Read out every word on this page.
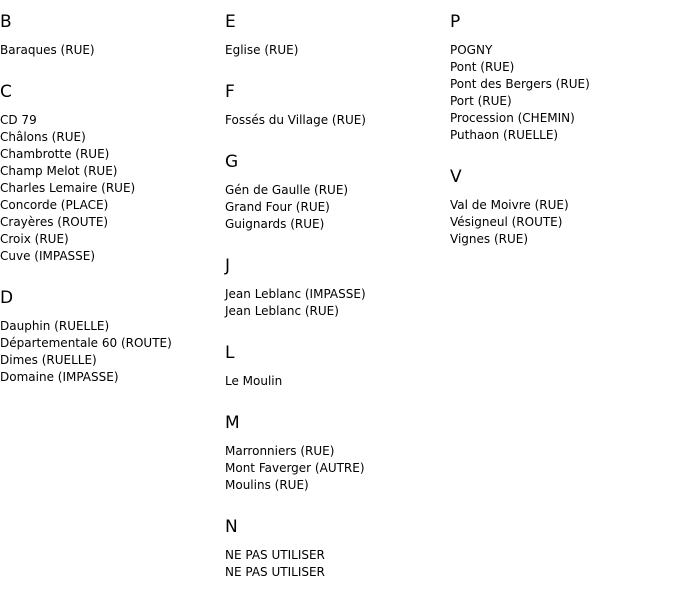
B
Baraques (RUE)
C
CD 79
Châlons (RUE)
Chambrotte (RUE)
Champ Melot (RUE)
Charles Lemaire (RUE)
Concorde (PLACE)
Crayères (ROUTE)
Croix (RUE)
Cuve (IMPASSE)
D
Dauphin (RUELLE)
Départementale 60 (ROUTE)
Dimes (RUELLE)
Domaine (IMPASSE)
E
Eglise (RUE)
F
Fossés du Village (RUE)
G
Gén de Gaulle (RUE)
Grand Four (RUE)
Guignards (RUE)
J
Jean Leblanc (IMPASSE)
Jean Leblanc (RUE)
L
Le Moulin
M
Marronniers (RUE)
Mont Faverger (AUTRE)
Moulins (RUE)
N
NE PAS UTILISER
NE PAS UTILISER
P
POGNY
Pont (RUE)
Pont des Bergers (RUE)
Port (RUE)
Procession (CHEMIN)
Puthaon (RUELLE)
V
Val de Moivre (RUE)
Vésigneul (ROUTE)
Vignes (RUE)
